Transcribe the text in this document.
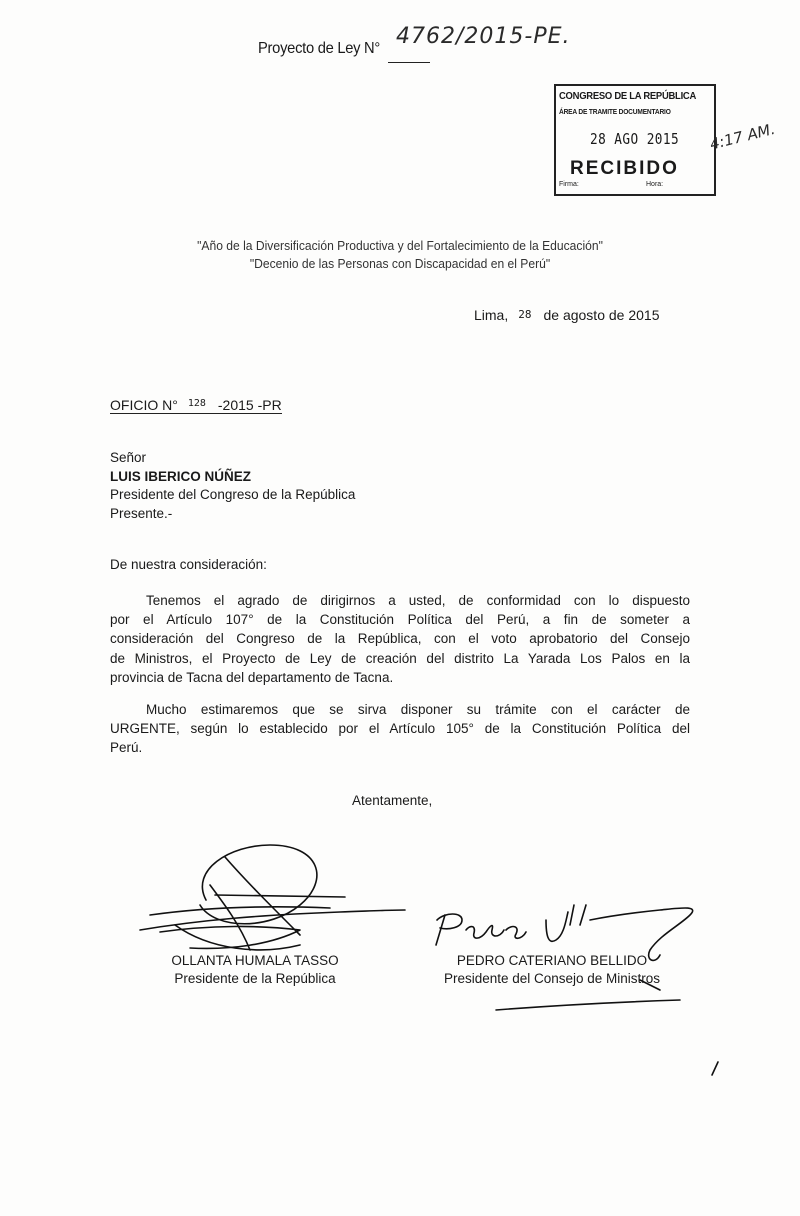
Proyecto de Ley N° 4762/2015-PE.
CONGRESO DE LA REPÚBLICA
ÁREA DE TRAMITE DOCUMENTARIO
28 AGO 2015
RECIBIDO
Firma:	Hora:
4:17 AM.
"Año de la Diversificación Productiva y del Fortalecimiento de la Educación"
"Decenio de las Personas con Discapacidad en el Perú"
Lima, 28 de agosto de 2015
OFICIO N° 128 -2015 -PR
Señor
LUIS IBERICO NÚÑEZ
Presidente del Congreso de la República
Presente.-
De nuestra consideración:
Tenemos el agrado de dirigirnos a usted, de conformidad con lo dispuesto
por el Artículo 107° de la Constitución Política del Perú, a fin de someter a
consideración del Congreso de la República, con el voto aprobatorio del Consejo
de Ministros, el Proyecto de Ley de creación del distrito La Yarada Los Palos en la
provincia de Tacna del departamento de Tacna.
Mucho estimaremos que se sirva disponer su trámite con el carácter de
URGENTE, según lo establecido por el Artículo 105° de la Constitución Política del
Perú.
Atentamente,
OLLANTA HUMALA TASSO
Presidente de la República
PEDRO CATERIANO BELLIDO
Presidente del Consejo de Ministros
